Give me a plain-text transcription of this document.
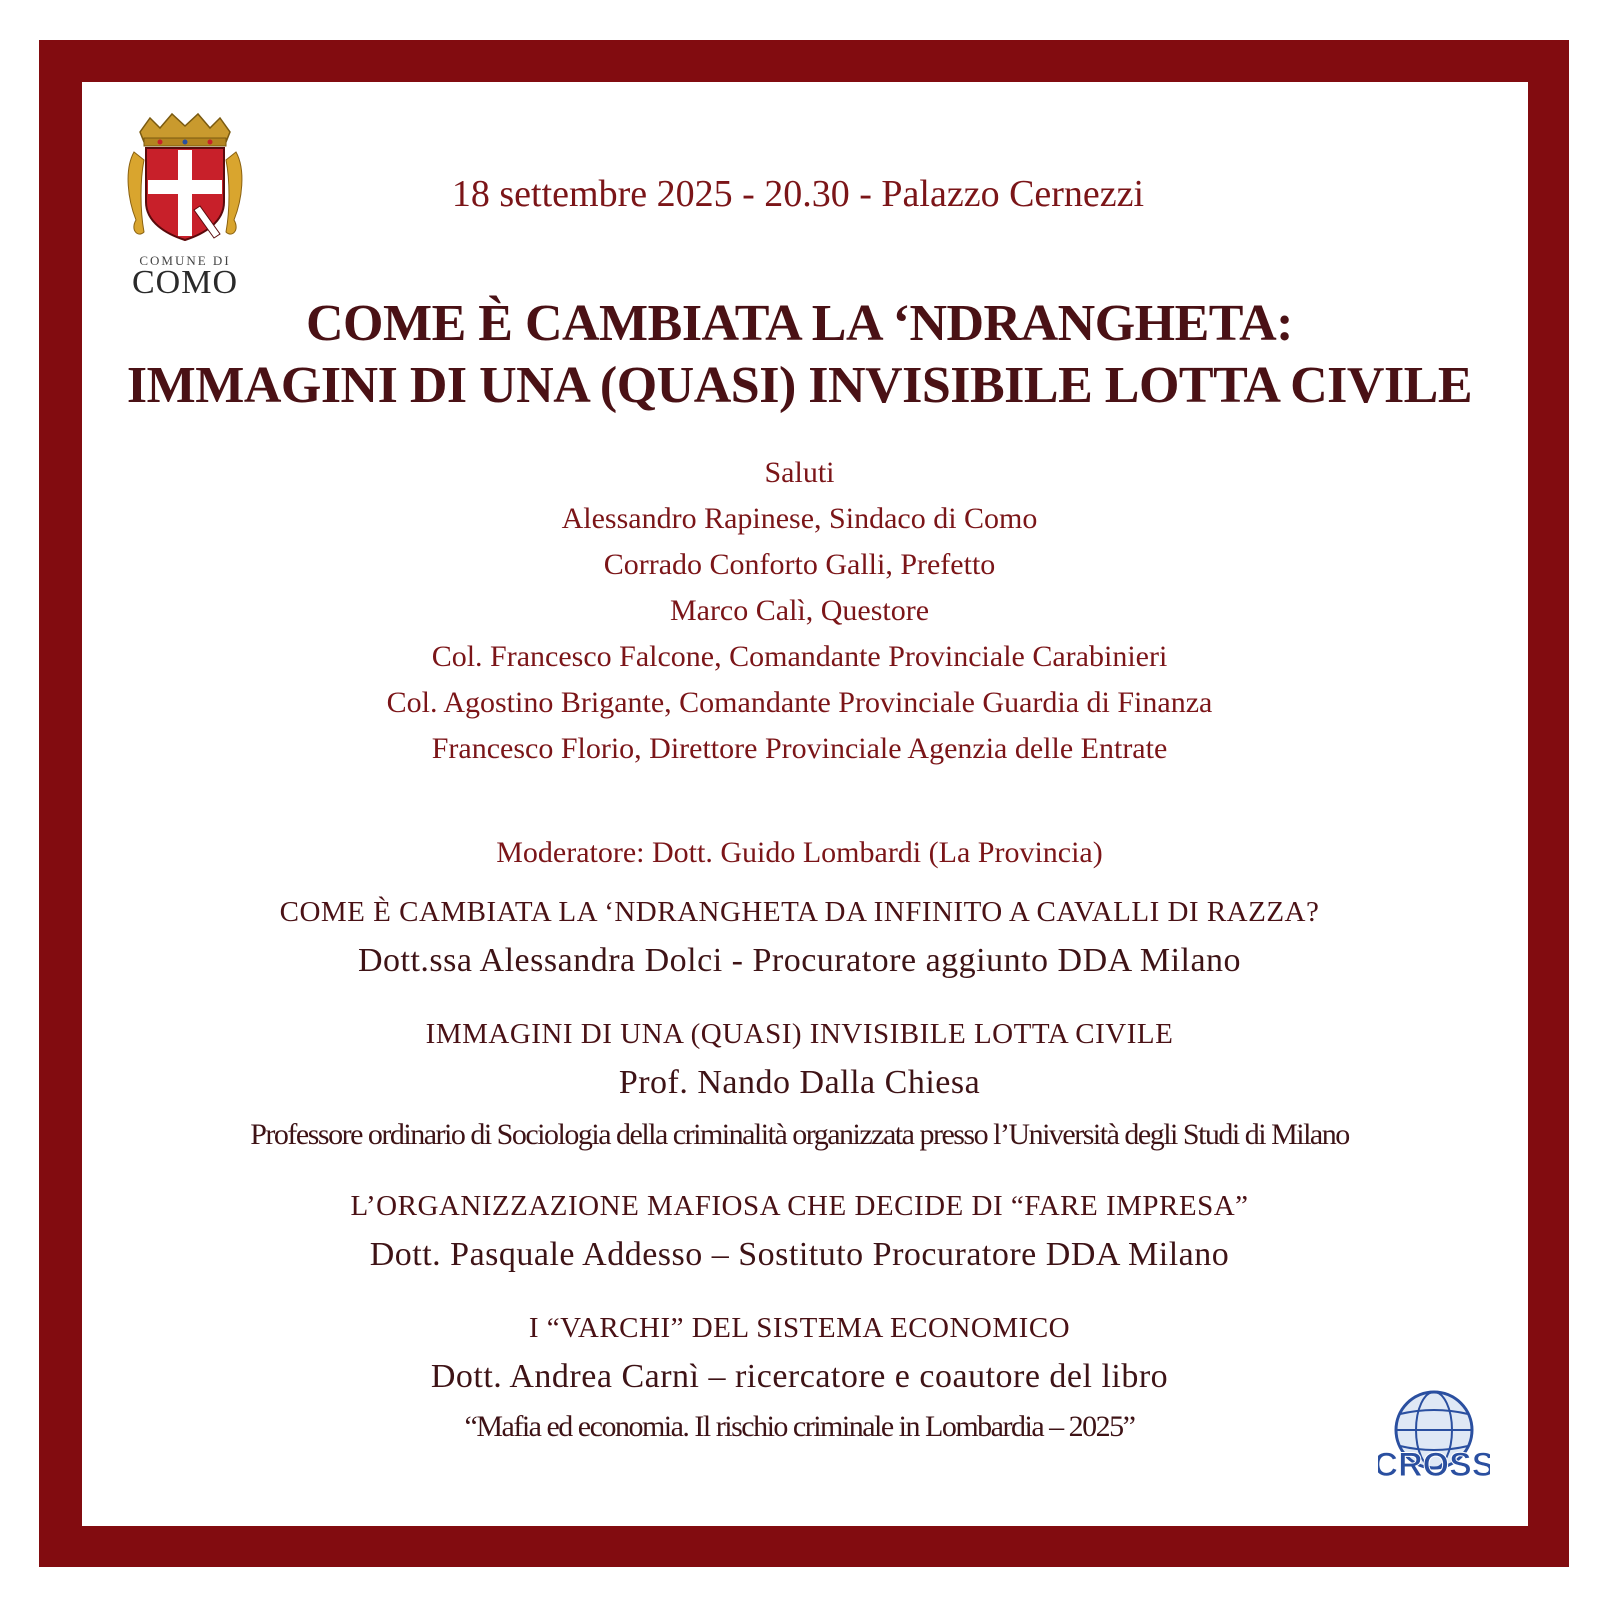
COMUNE DI
COMO
18 settembre 2025 - 20.30 - Palazzo Cernezzi
COME È CAMBIATA LA ‘NDRANGHETA:
IMMAGINI DI UNA (QUASI) INVISIBILE LOTTA CIVILE
Saluti
Alessandro Rapinese, Sindaco di Como
Corrado Conforto Galli, Prefetto
Marco Calì, Questore
Col. Francesco Falcone, Comandante Provinciale Carabinieri
Col. Agostino Brigante, Comandante Provinciale Guardia di Finanza
Francesco Florio, Direttore Provinciale Agenzia delle Entrate
Moderatore: Dott. Guido Lombardi (La Provincia)
COME È CAMBIATA LA ‘NDRANGHETA DA INFINITO A CAVALLI DI RAZZA?
Dott.ssa Alessandra Dolci - Procuratore aggiunto DDA Milano
IMMAGINI DI UNA (QUASI) INVISIBILE LOTTA CIVILE
Prof. Nando Dalla Chiesa
Professore ordinario di Sociologia della criminalità organizzata presso l’Università degli Studi di Milano
L’ORGANIZZAZIONE MAFIOSA CHE DECIDE DI “FARE IMPRESA”
Dott. Pasquale Addesso – Sostituto Procuratore DDA Milano
I “VARCHI” DEL SISTEMA ECONOMICO
Dott. Andrea Carnì – ricercatore e coautore del libro
“Mafia ed economia. Il rischio criminale in Lombardia – 2025”
CROSS
